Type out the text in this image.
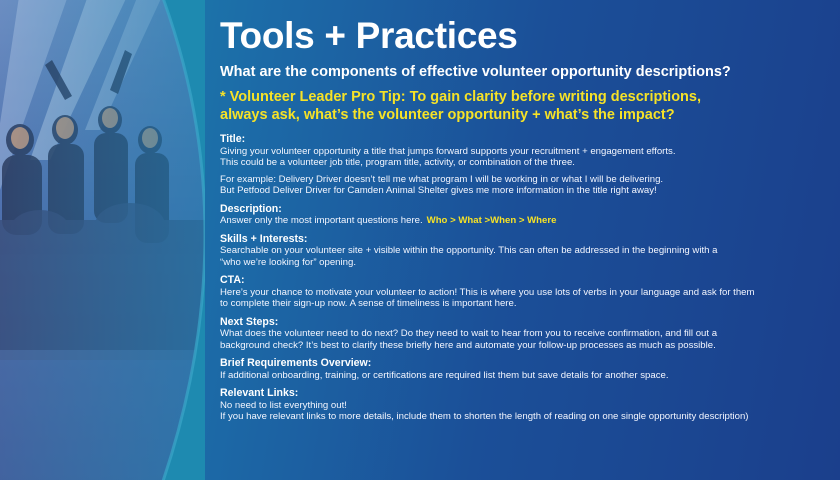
Tools + Practices

What are the components of effective volunteer opportunity descriptions?

* Volunteer Leader Pro Tip: To gain clarity before writing descriptions,
always ask, what’s the volunteer opportunity + what’s the impact?

Title:

Giving your volunteer opportunity a title that jumps forward supports your recruitment + engagement efforts.
This could be a volunteer job title, program title, activity, or combination of the three.

For example: Delivery Driver doesn’t tell me what program I will be working in or what I will be delivering.
But Petfood Deliver Driver for Camden Animal Shelter gives me more information in the title right away!

Description:

Answer only the most important questions here. Who > What >When > Where

Skills + Interests:

Searchable on your volunteer site + visible within the opportunity. This can often be addressed in the beginning with a
“who we’re looking for” opening.

CTA:

Here’s your chance to motivate your volunteer to action! This is where you use lots of verbs in your language and ask for them
to complete their sign-up now. A sense of timeliness is important here.

Next Steps:

What does the volunteer need to do next? Do they need to wait to hear from you to receive confirmation, and fill out a
background check? It’s best to clarify these briefly here and automate your follow-up processes as much as possible.

Brief Requirements Overview:

If additional onboarding, training, or certifications are required list them but save details for another space.

Relevant Links:

No need to list everything out!
If you have relevant links to more details, include them to shorten the length of reading on one single opportunity description)
